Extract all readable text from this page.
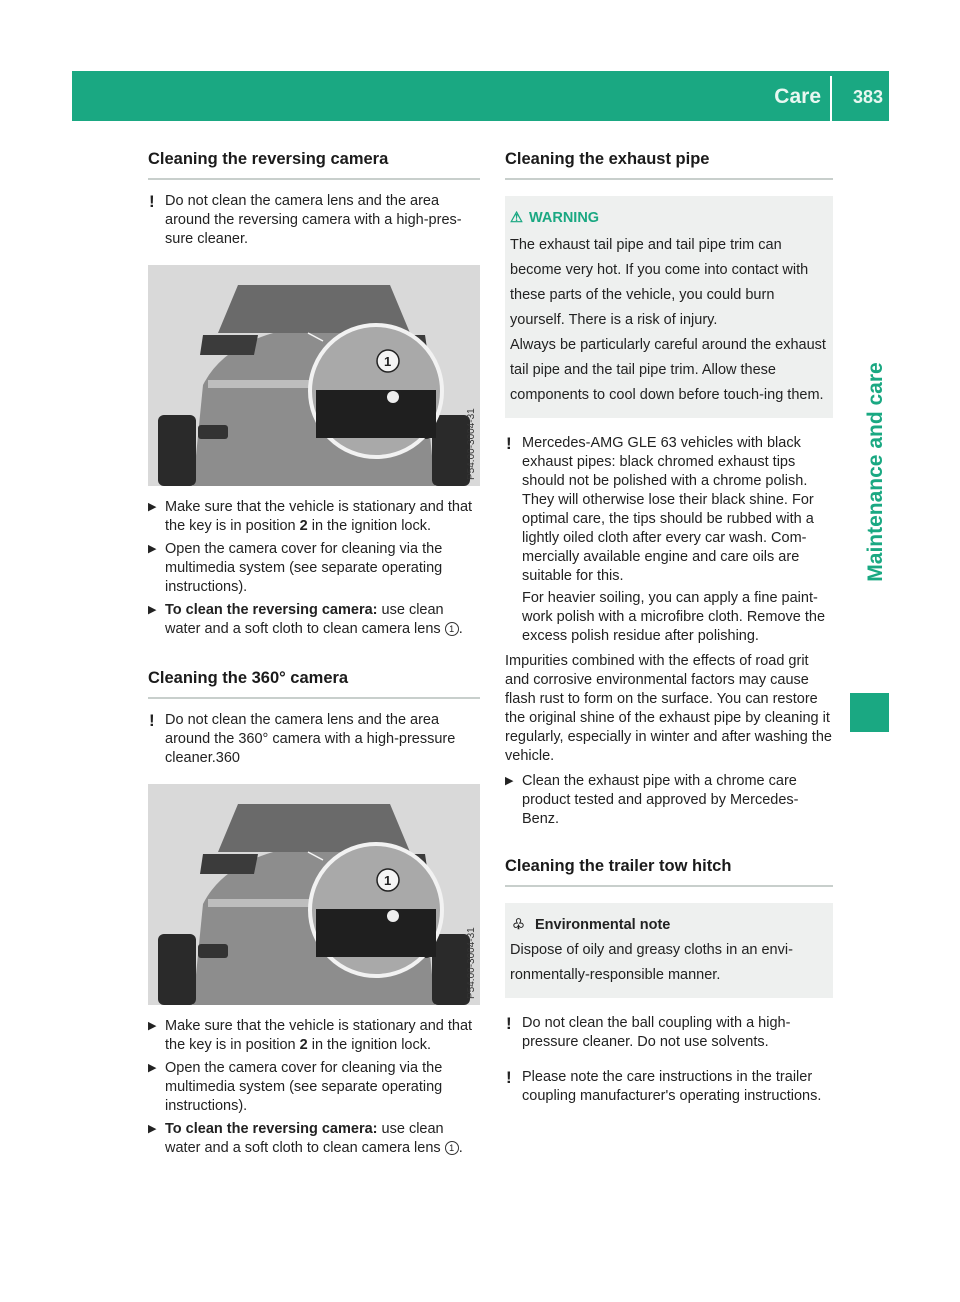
Care 383
Maintenance and care
Cleaning the reversing camera
! Do not clean the camera lens and the area around the reversing camera with a high-pres-sure cleaner.

1
P54.00-3004-31
▶ Make sure that the vehicle is stationary and that the key is in position 2 in the ignition lock.
▶ Open the camera cover for cleaning via the multimedia system (see separate operating instructions).
▶ To clean the reversing camera: use clean water and a soft cloth to clean camera lens 1 .
Cleaning the 360° camera
! Do not clean the camera lens and the area around the 360° camera with a high-pressure cleaner.360

1
P54.00-3004-31
▶ Make sure that the vehicle is stationary and that the key is in position 2 in the ignition lock.
▶ Open the camera cover for cleaning via the multimedia system (see separate operating instructions).
▶ To clean the reversing camera: use clean water and a soft cloth to clean camera lens 1 .
Cleaning the exhaust pipe
⚠ WARNING

The exhaust tail pipe and tail pipe trim can become very hot. If you come into contact with these parts of the vehicle, you could burn yourself. There is a risk of injury.

Always be particularly careful around the exhaust tail pipe and the tail pipe trim. Allow these components to cool down before touch-ing them.

! Mercedes-AMG GLE 63 vehicles with black exhaust pipes: black chromed exhaust tips should not be polished with a chrome polish. They will otherwise lose their black shine. For optimal care, the tips should be rubbed with a lightly oiled cloth after every car wash. Com-mercially available engine and care oils are suitable for this.

For heavier soiling, you can apply a fine paint-work polish with a microfibre cloth. Remove the excess polish residue after polishing.

Impurities combined with the effects of road grit and corrosive environmental factors may cause flash rust to form on the surface. You can restore the original shine of the exhaust pipe by cleaning it regularly, especially in winter and after washing the vehicle.

▶ Clean the exhaust pipe with a chrome care product tested and approved by Mercedes-Benz.
Cleaning the trailer tow hitch
♧ Environmental note

Dispose of oily and greasy cloths in an envi-ronmentally-responsible manner.

! Do not clean the ball coupling with a high-pressure cleaner. Do not use solvents.

! Please note the care instructions in the trailer coupling manufacturer's operating instructions.
